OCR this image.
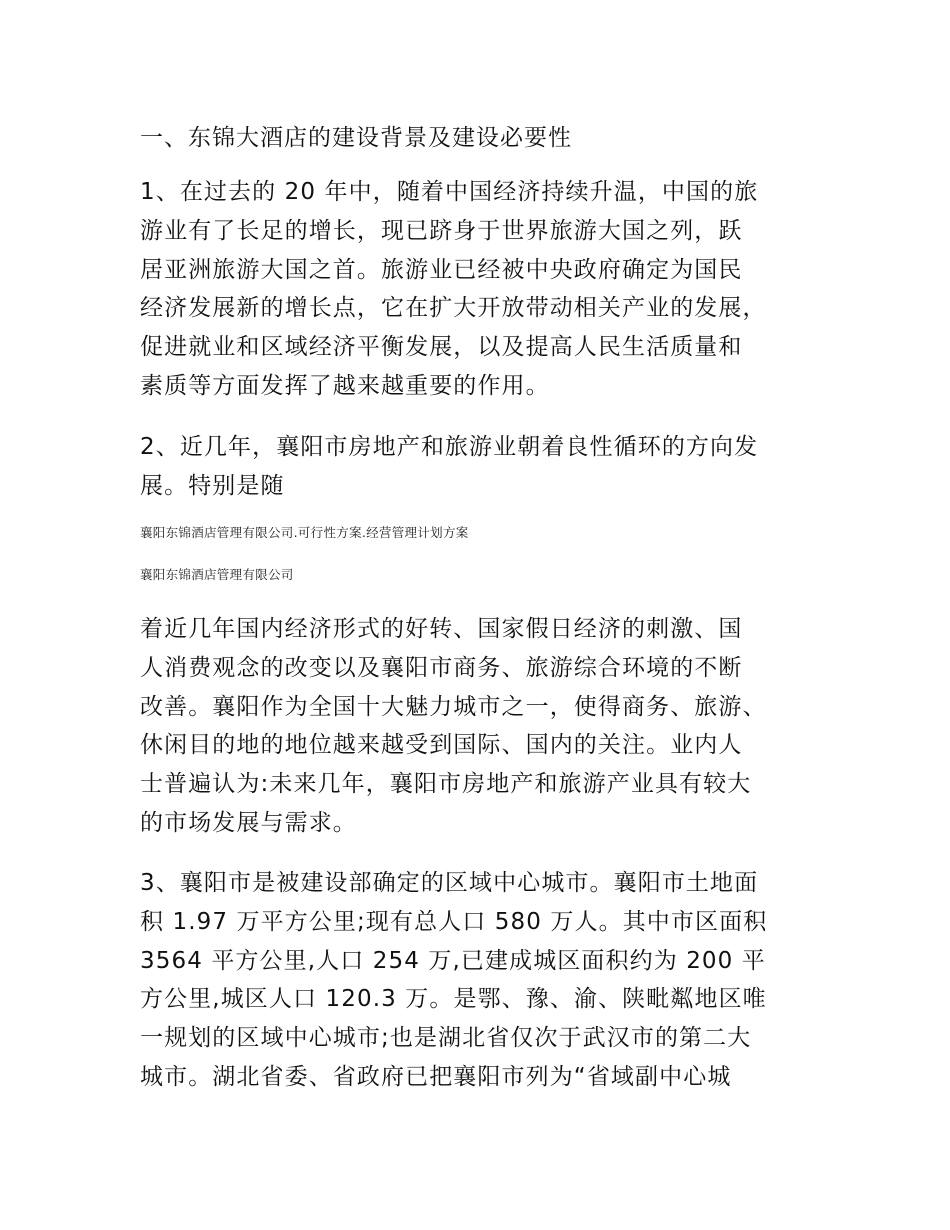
一、东锦大酒店的建设背景及建设必要性
1、在过去的 20 年中，随着中国经济持续升温，中国的旅
游业有了长足的增长，现已跻身于世界旅游大国之列，跃
居亚洲旅游大国之首。旅游业已经被中央政府确定为国民
经济发展新的增长点，它在扩大开放带动相关产业的发展，
促进就业和区域经济平衡发展，以及提高人民生活质量和
素质等方面发挥了越来越重要的作用。
2、近几年，襄阳市房地产和旅游业朝着良性循环的方向发
展。特别是随
襄阳东锦酒店管理有限公司.可行性方案.经营管理计划方案
襄阳东锦酒店管理有限公司
着近几年国内经济形式的好转、国家假日经济的刺激、国
人消费观念的改变以及襄阳市商务、旅游综合环境的不断
改善。襄阳作为全国十大魅力城市之一，使得商务、旅游、
休闲目的地的地位越来越受到国际、国内的关注。业内人
士普遍认为:未来几年，襄阳市房地产和旅游产业具有较大
的市场发展与需求。
3、襄阳市是被建设部确定的区域中心城市。襄阳市土地面
积 1.97 万平方公里;现有总人口 580 万人。其中市区面积
3564 平方公里,人口 254 万,已建成城区面积约为 200 平
方公里,城区人口 120.3 万。是鄂、豫、渝、陕毗粼地区唯
一规划的区域中心城市;也是湖北省仅次于武汉市的第二大
城市。湖北省委、省政府已把襄阳市列为“省域副中心城
